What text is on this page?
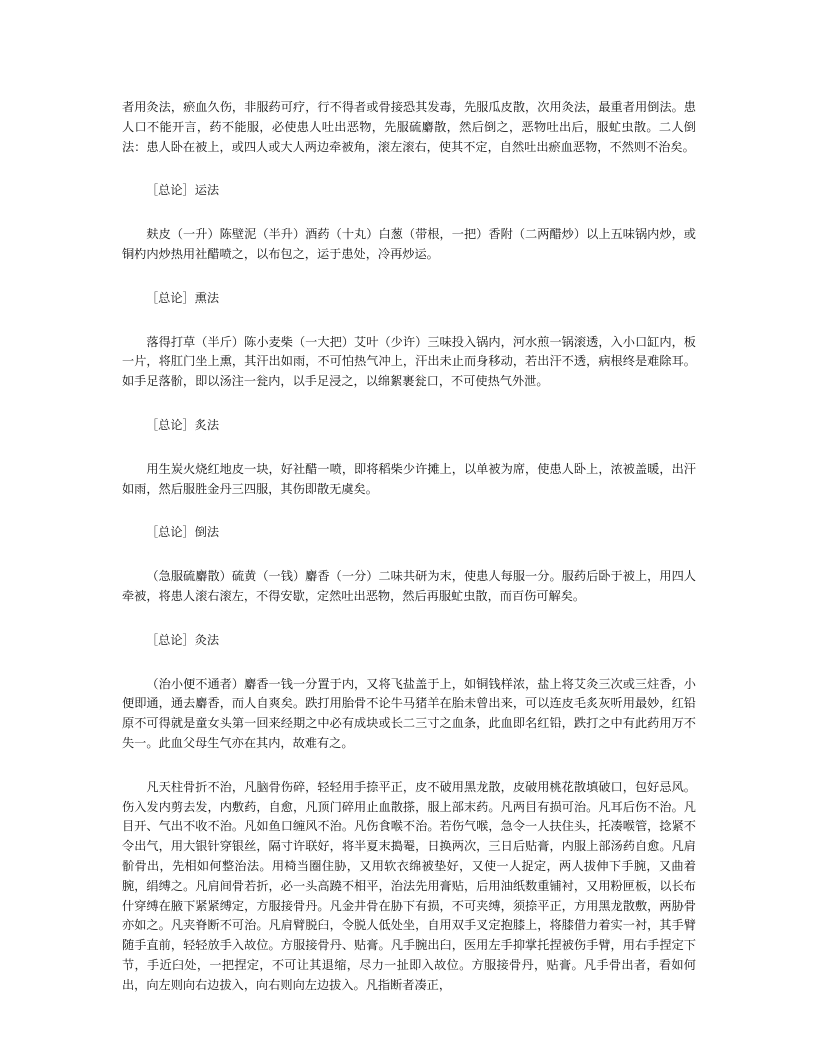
者用灸法，瘀血久伤，非服药可疗，行不得者或骨接恐其发毒，先服瓜皮散，次用灸法，最重者用倒法。患人口不能开言，药不能服，必使患人吐出恶物，先服硫麝散，然后倒之，恶物吐出后，服虻虫散。二人倒法：患人卧在被上，或四人或大人两边牵被角，滚左滚右，使其不定，自然吐出瘀血恶物，不然则不治矣。

［总论］运法

麸皮（一升）陈壁泥（半升）酒药（十丸）白葱（带根，一把）香附（二两醋炒）以上五味锅内炒，或铜杓内炒热用社醋喷之，以布包之，运于患处，冷再炒运。

［总论］熏法

落得打草（半斤）陈小麦柴（一大把）艾叶（少许）三味投入锅内，河水煎一锅滚透，入小口缸内，板一片，将肛门坐上熏，其汗出如雨，不可怕热气冲上，汗出未止而身移动，若出汗不透，病根终是难除耳。如手足落骱，即以汤注一瓮内，以手足浸之，以绵絮裹瓮口，不可使热气外泄。

［总论］炙法

用生炭火烧红地皮一块，好社醋一喷，即将稻柴少许摊上，以单被为席，使患人卧上，浓被盖暖，出汗如雨，然后服胜金丹三四服，其伤即散无虞矣。

［总论］倒法

（急服硫麝散）硫黄（一钱）麝香（一分）二味共研为末，使患人每服一分。服药后卧于被上，用四人牵被，将患人滚右滚左，不得安歇，定然吐出恶物，然后再服虻虫散，而百伤可解矣。

［总论］灸法

（治小便不通者）麝香一钱一分置于内，又将飞盐盖于上，如铜钱样浓，盐上将艾灸三次或三炷香，小便即通，通去麝香，而人自爽矣。跌打用胎骨不论牛马猪羊在胎未曾出来，可以连皮毛炙灰听用最妙，红铅原不可得就是童女头第一回来经期之中必有成块或长二三寸之血条，此血即名红铅，跌打之中有此药用万不失一。此血父母生气亦在其内，故难有之。

凡天柱骨折不治，凡脑骨伤碎，轻轻用手捺平正，皮不破用黑龙散，皮破用桃花散填破口，包好忌风。伤入发内剪去发，内敷药，自愈，凡顶门碎用止血散搽，服上部末药。凡两目有损可治。凡耳后伤不治。凡目开、气出不收不治。凡如鱼口缠风不治。凡伤食喉不治。若伤气喉，急令一人扶住头，托凑喉管，捻紧不令出气，用大银针穿银丝，隔寸许联好，将半夏末搗罨，日换两次，三日后贴膏，内服上部汤药自愈。凡肩骱骨出，先相如何整治法。用椅当圈住胁，又用软衣绵被垫好，又使一人捉定，两人拔伸下手腕，又曲着腕，绢缚之。凡肩间骨若折，必一头高蹺不相平，治法先用膏贴，后用油纸数重铺衬，又用粉匣板，以长布什穿缚在腋下紧紧缚定，方服接骨丹。凡金井骨在胁下有损，不可夹缚，须捺平正，方用黑龙散敷，两胁骨亦如之。凡夹脊断不可治。凡肩臂脱臼，令脱人低处坐，自用双手叉定抱膝上，将膝借力着实一衬，其手臂随手直前，轻轻放手入故位。方服接骨丹、贴膏。凡手腕出臼，医用左手抑掌托捏被伤手臂，用右手捏定下节，手近臼处，一把捏定，不可让其退缩，尽力一扯即入故位。方服接骨丹，贴膏。凡手骨出者，看如何出，向左则向右边拔入，向右则向左边拔入。凡指断者凑正，
